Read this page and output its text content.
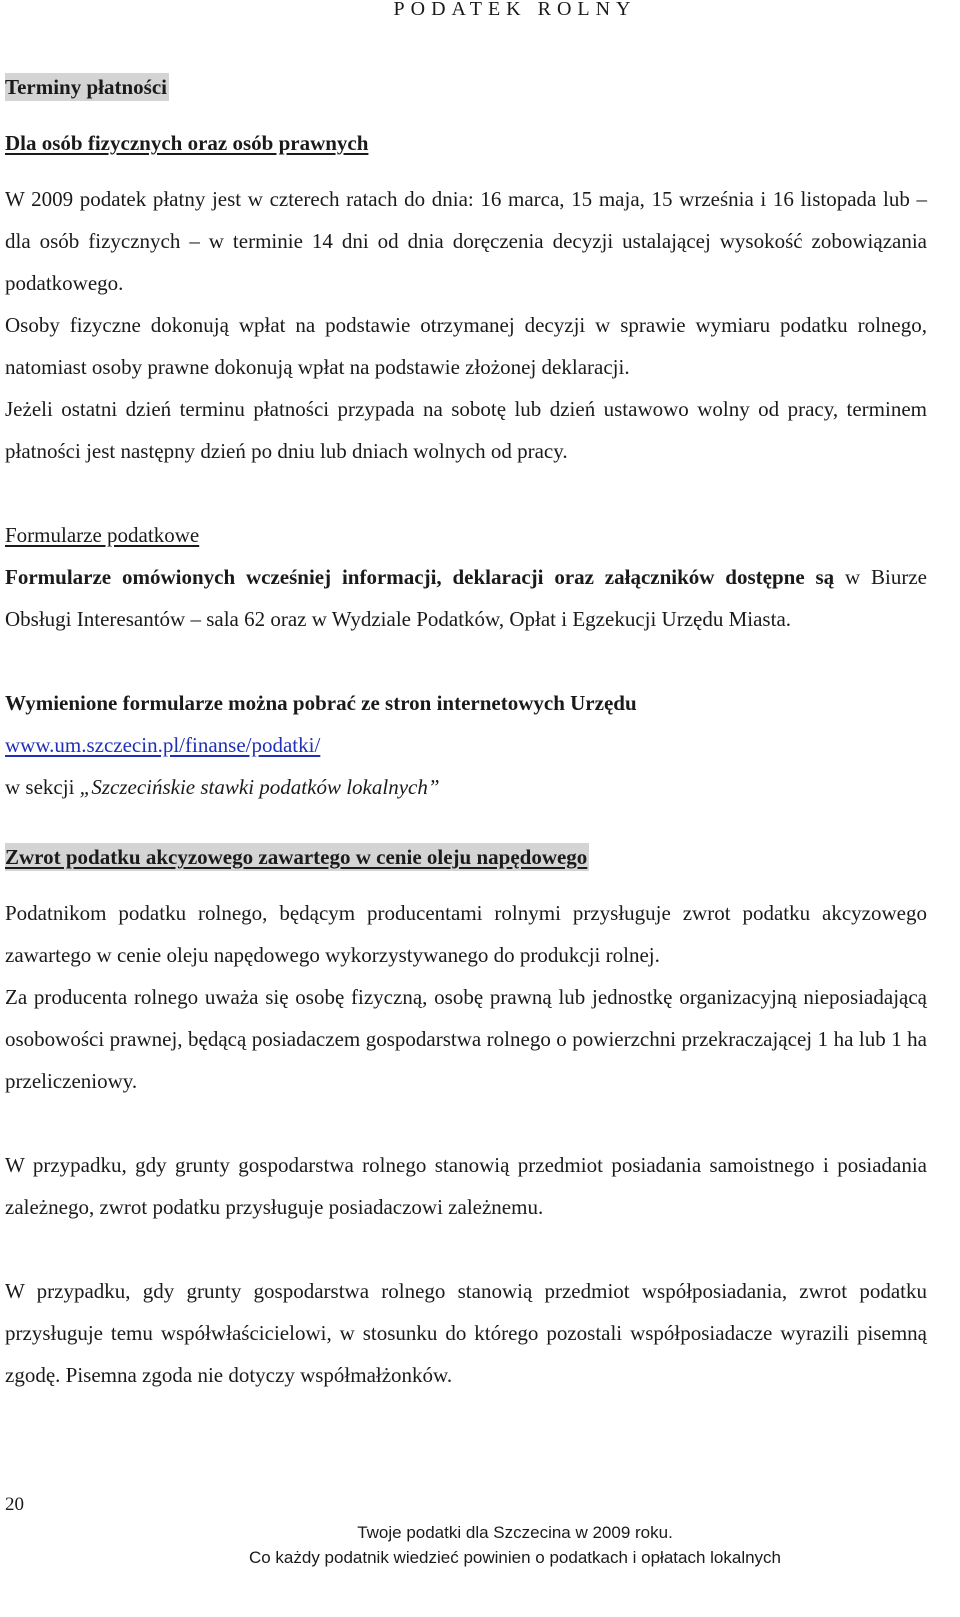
PODATEK ROLNY

Terminy płatności

Dla osób fizycznych oraz osób prawnych

W 2009 podatek płatny jest w czterech ratach do dnia: 16 marca, 15 maja, 15 września i 16 listopada lub – dla osób fizycznych – w terminie 14 dni od dnia doręczenia decyzji ustalającej wysokość zobowiązania podatkowego.

Osoby fizyczne dokonują wpłat na podstawie otrzymanej decyzji w sprawie wymiaru podatku rolnego, natomiast osoby prawne dokonują wpłat na podstawie złożonej deklaracji.

Jeżeli ostatni dzień terminu płatności przypada na sobotę lub dzień ustawowo wolny od pracy, terminem płatności jest następny dzień po dniu lub dniach wolnych od pracy.

Formularze podatkowe

Formularze omówionych wcześniej informacji, deklaracji oraz załączników dostępne są w Biurze Obsługi Interesantów – sala 62 oraz w Wydziale Podatków, Opłat i Egzekucji Urzędu Miasta.

Wymienione formularze można pobrać ze stron internetowych Urzędu

www.um.szczecin.pl/finanse/podatki/

w sekcji „Szczecińskie stawki podatków lokalnych”

Zwrot podatku akcyzowego zawartego w cenie oleju napędowego

Podatnikom podatku rolnego, będącym producentami rolnymi przysługuje zwrot podatku akcyzowego zawartego w cenie oleju napędowego wykorzystywanego do produkcji rolnej.

Za producenta rolnego uważa się osobę fizyczną, osobę prawną lub jednostkę organizacyjną nieposiadającą osobowości prawnej, będącą posiadaczem gospodarstwa rolnego o powierzchni przekraczającej 1 ha lub 1 ha przeliczeniowy.

W przypadku, gdy grunty gospodarstwa rolnego stanowią przedmiot posiadania samoistnego i posiadania zależnego, zwrot podatku przysługuje posiadaczowi zależnemu.

W przypadku, gdy grunty gospodarstwa rolnego stanowią przedmiot współposiadania, zwrot podatku przysługuje temu współwłaścicielowi, w stosunku do którego pozostali współposiadacze wyrazili pisemną zgodę. Pisemna zgoda nie dotyczy współmałżonków.

20
Twoje podatki dla Szczecina w 2009 roku.
Co każdy podatnik wiedzieć powinien o podatkach i opłatach lokalnych
